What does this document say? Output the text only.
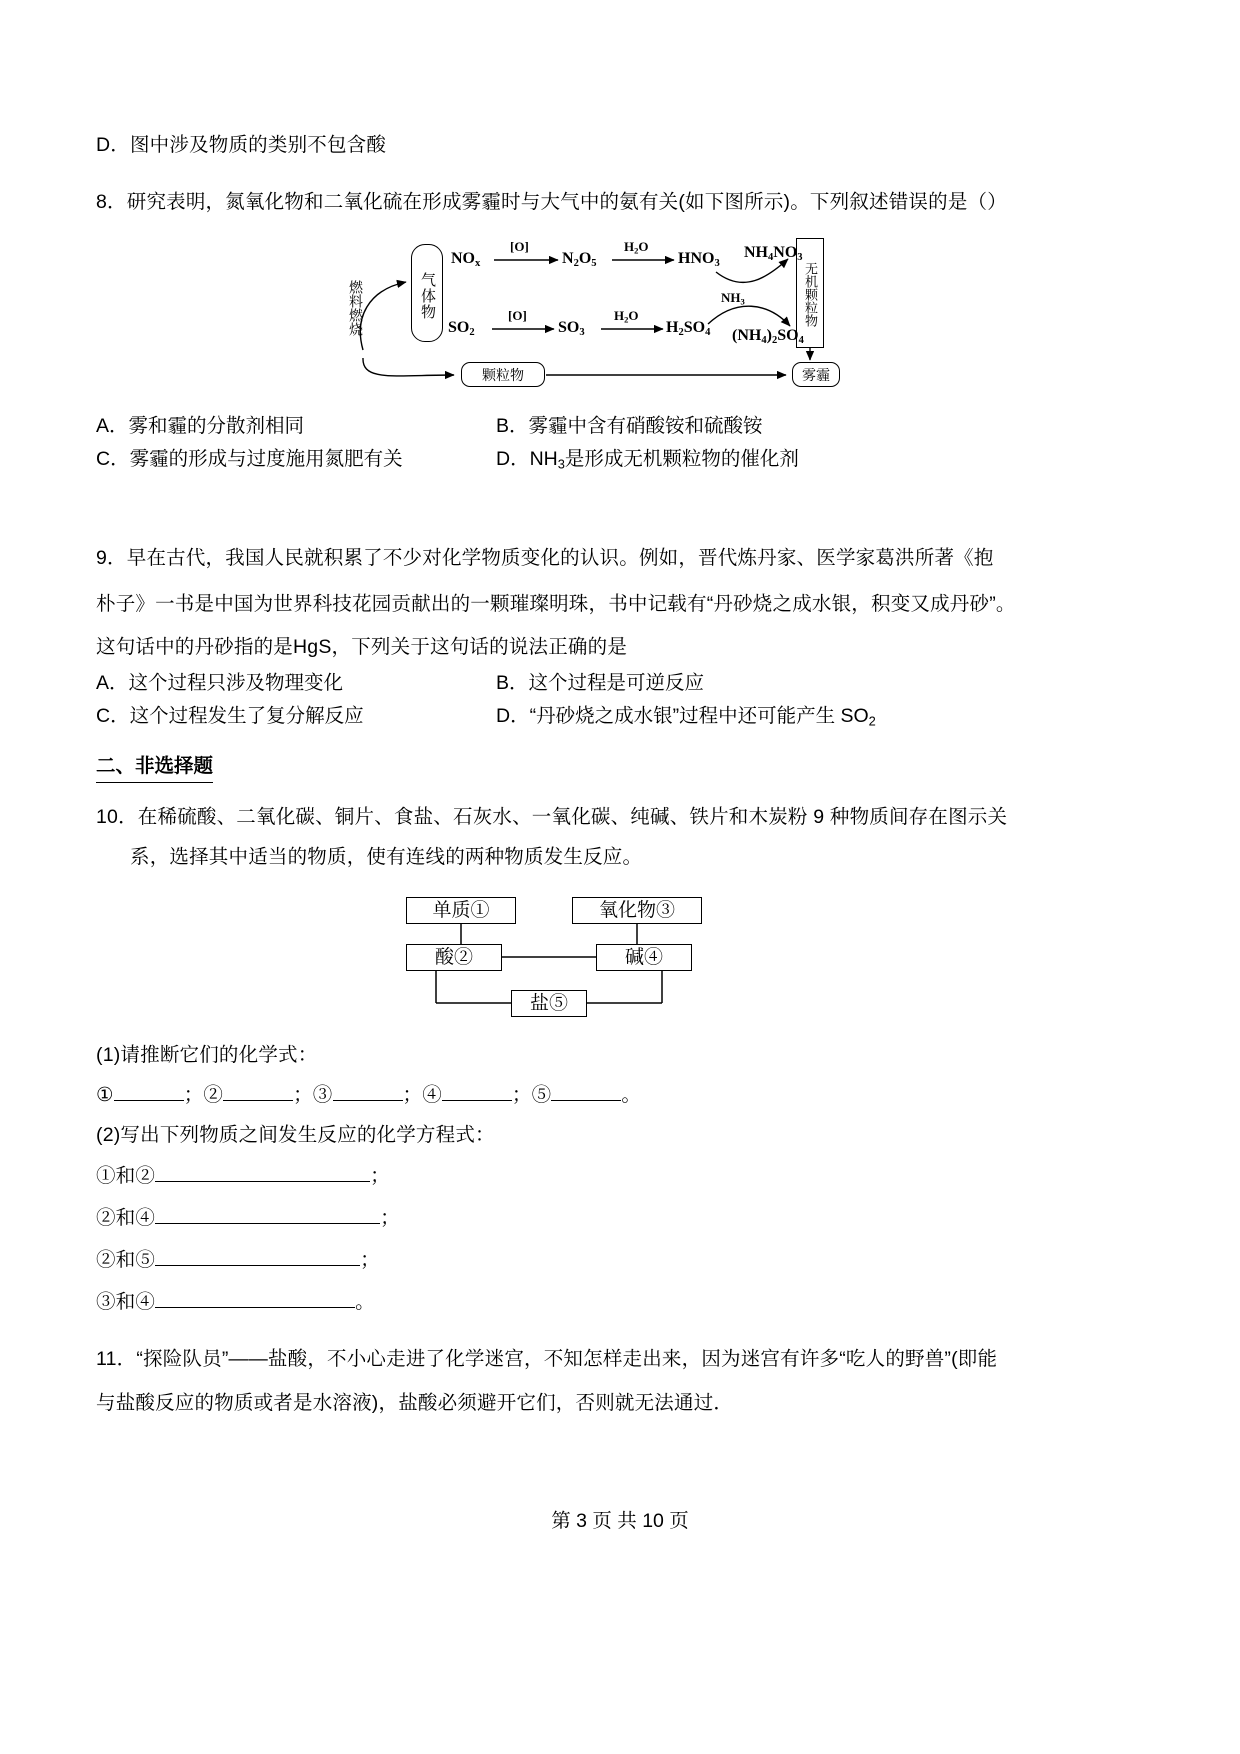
D．图中涉及物质的类别不包含酸
8．研究表明，氮氧化物和二氧化硫在形成雾霾时与大气中的氨有关(如下图所示)。下列叙述错误的是（）
燃料燃烧	气体物	无机颗粒物
颗粒物	雾霾
$NO_x$
[O]
$N_2O_5$
$H_2O$
$HNO_3$
$NH_4NO_3$
$NH_3$
$SO_2$
[O]
$SO_3$
$H_2O$
$H_2SO_4$ $(NH_4)_2SO_4$
A．雾和霾的分散剂相同	B．雾霾中含有硝酸铵和硫酸铵
C．雾霾的形成与过度施用氮肥有关	D．$NH_3$是形成无机颗粒物的催化剂
9．早在古代，我国人民就积累了不少对化学物质变化的认识。例如，晋代炼丹家、医学家葛洪所著《抱
朴子》一书是中国为世界科技花园贡献出的一颗璀璨明珠，书中记载有“丹砂烧之成水银，积变又成丹砂”。
这句话中的丹砂指的是HgS，下列关于这句话的说法正确的是
A．这个过程只涉及物理变化	B．这个过程是可逆反应
C．这个过程发生了复分解反应	D．“丹砂烧之成水银”过程中还可能产生 $SO_2$
二、非选择题
10．在稀硫酸、二氧化碳、铜片、食盐、石灰水、一氧化碳、纯碱、铁片和木炭粉 9 种物质间存在图示关
系，选择其中适当的物质，使有连线的两种物质发生反应。
单质①	氧化物③
酸②	碱④
盐⑤
(1)请推断它们的化学式：
①	；②	；③	；④	；⑤	。
(2)写出下列物质之间发生反应的化学方程式：
①和②	；
②和④	；
②和⑤	；
③和④	。
11．“探险队员”——盐酸，不小心走进了化学迷宫，不知怎样走出来，因为迷宫有许多“吃人的野兽”(即能
与盐酸反应的物质或者是水溶液)，盐酸必须避开它们，否则就无法通过．
第 3 页 共 10 页
